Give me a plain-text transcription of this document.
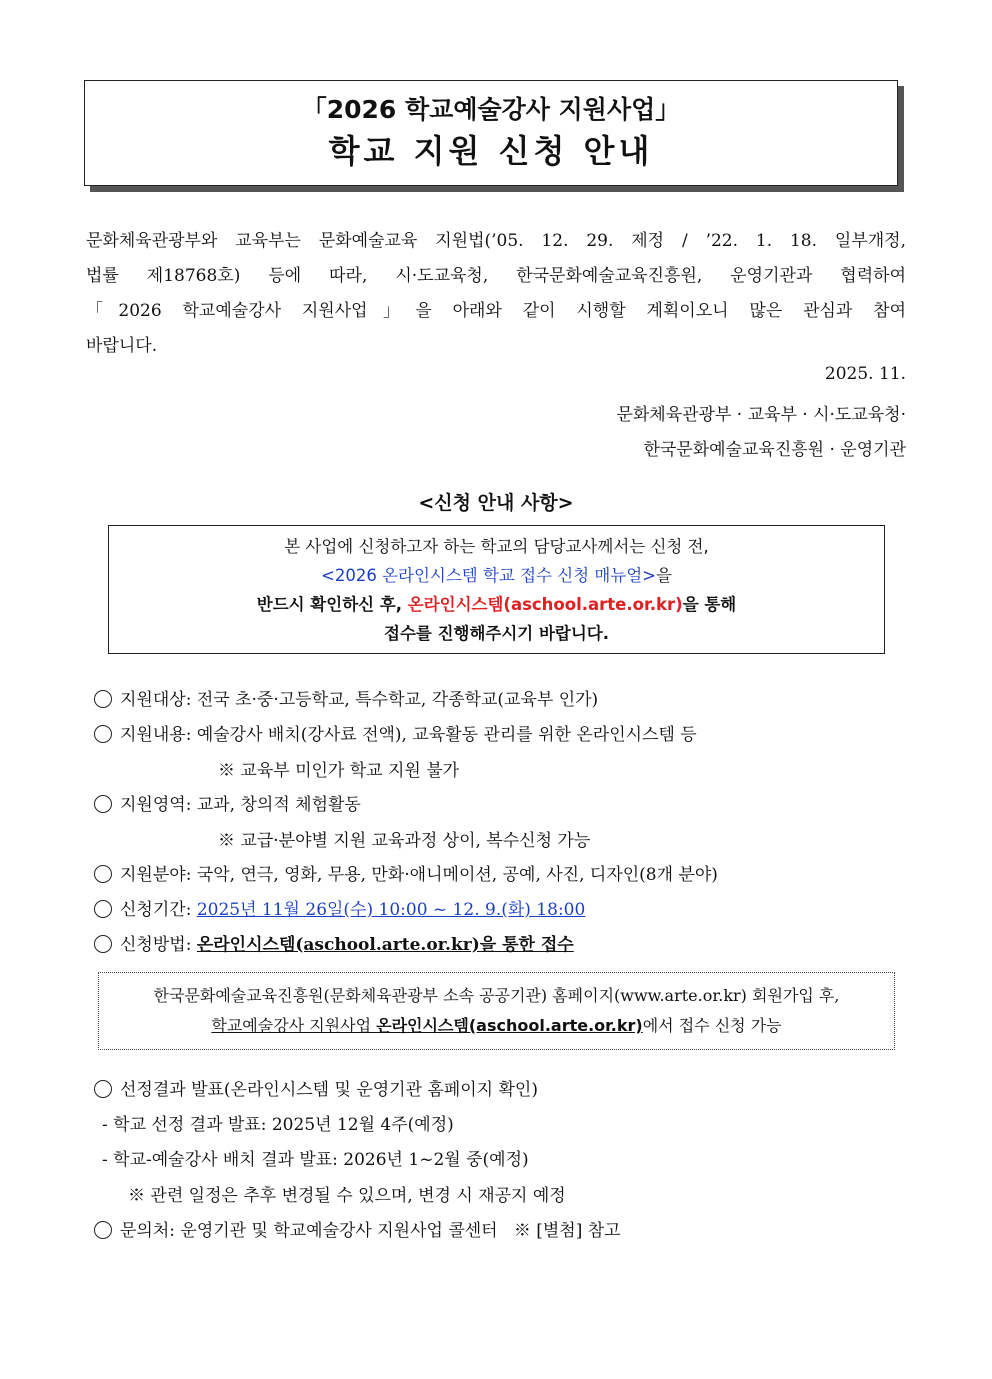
「2026 학교예술강사 지원사업」
학교 지원 신청 안내

문화체육관광부와 교육부는 문화예술교육 지원법(’05. 12. 29. 제정 / ’22. 1. 18. 일부개정,

법률 제18768호) 등에 따라, 시·도교육청, 한국문화예술교육진흥원, 운영기관과 협력하여

「2026 학교예술강사 지원사업」을 아래와 같이 시행할 계획이오니 많은 관심과 참여

바랍니다.

2025. 11.
문화체육관광부 · 교육부 · 시·도교육청·
한국문화예술교육진흥원 · 운영기관
<신청 안내 사항>
본 사업에 신청하고자 하는 학교의 담당교사께서는 신청 전,
<2026 온라인시스템 학교 접수 신청 매뉴얼>을
반드시 확인하신 후, 온라인시스템(aschool.arte.or.kr)을 통해
접수를 진행해주시기 바랍니다.
지원대상: 전국 초·중·고등학교, 특수학교, 각종학교(교육부 인가)
지원내용: 예술강사 배치(강사료 전액), 교육활동 관리를 위한 온라인시스템 등
※ 교육부 미인가 학교 지원 불가
지원영역: 교과, 창의적 체험활동
※ 교급·분야별 지원 교육과정 상이, 복수신청 가능
지원분야: 국악, 연극, 영화, 무용, 만화·애니메이션, 공예, 사진, 디자인(8개 분야)
신청기간: 2025년 11월 26일(수) 10:00 ~ 12. 9.(화) 18:00
신청방법: 온라인시스템(aschool.arte.or.kr)을 통한 접수
한국문화예술교육진흥원(문화체육관광부 소속 공공기관) 홈페이지(www.arte.or.kr) 회원가입 후,
학교예술강사 지원사업 온라인시스템(aschool.arte.or.kr)에서 접수 신청 가능
선정결과 발표(온라인시스템 및 운영기관 홈페이지 확인)
- 학교 선정 결과 발표: 2025년 12월 4주(예정)
- 학교-예술강사 배치 결과 발표: 2026년 1~2월 중(예정)
※ 관련 일정은 추후 변경될 수 있으며, 변경 시 재공지 예정
문의처: 운영기관 및 학교예술강사 지원사업 콜센터   ※ [별첨] 참고
